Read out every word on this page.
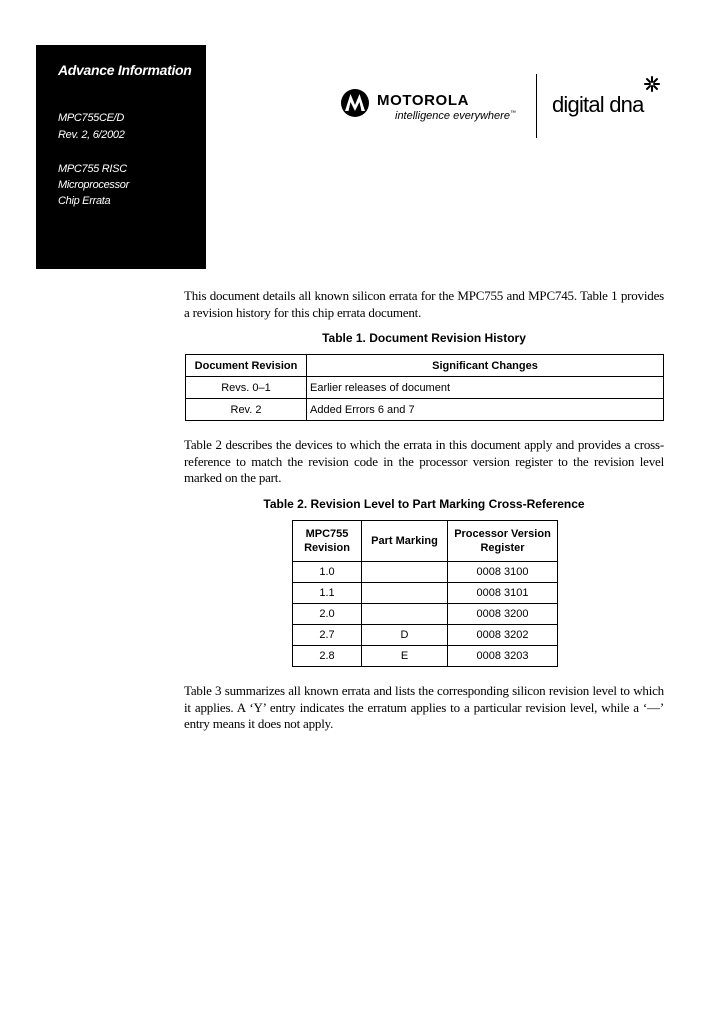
Advance Information
MPC755CE/D
Rev. 2, 6/2002
MPC755 RISC
Microprocessor
Chip Errata
MOTOROLA
intelligence everywhere™ digital dna
This document details all known silicon errata for the MPC755 and MPC745. Table 1 provides a revision history for this chip errata document.
Table 1. Document Revision History
Document Revision	Significant Changes
Revs. 0–1	Earlier releases of document
Rev. 2	Added Errors 6 and 7
Table 2 describes the devices to which the errata in this document apply and provides a cross-reference to match the revision code in the processor version register to the revision level marked on the part.
Table 2. Revision Level to Part Marking Cross-Reference
MPC755
Revision	Part Marking	Processor Version
Register
1.0		0008 3100
1.1		0008 3101
2.0		0008 3200
2.7	D	0008 3202
2.8	E	0008 3203
Table 3 summarizes all known errata and lists the corresponding silicon revision level to which it applies. A ‘Y’ entry indicates the erratum applies to a particular revision level, while a ‘—’ entry means it does not apply.
